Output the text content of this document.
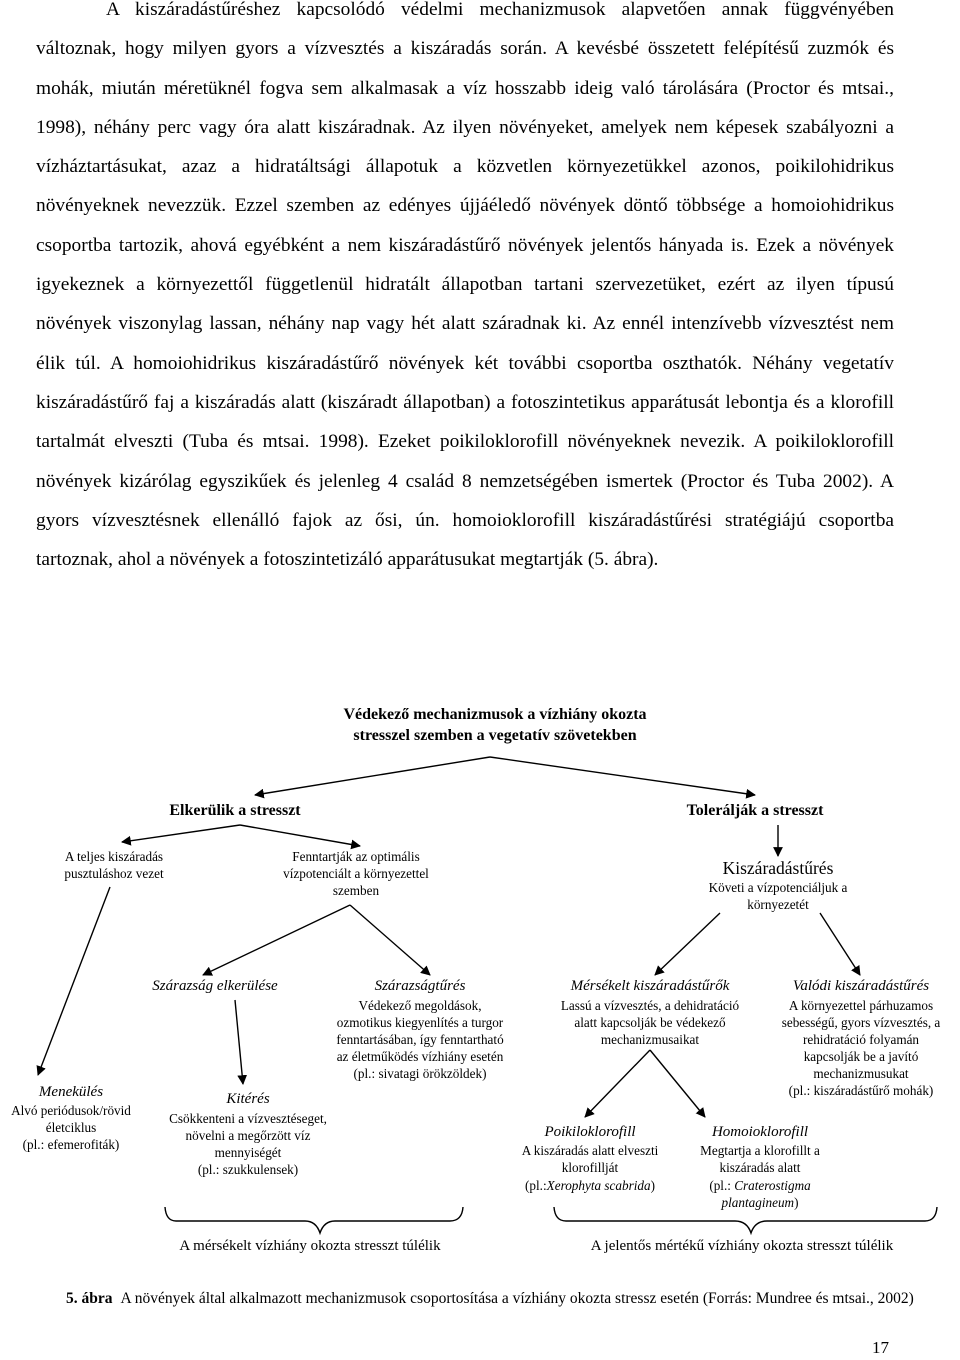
A kiszáradástűréshez kapcsolódó védelmi mechanizmusok alapvetően annak függvényében változnak, hogy milyen gyors a vízvesztés a kiszáradás során. A kevésbé összetett felépítésű zuzmók és mohák, miután méretüknél fogva sem alkalmasak a víz hosszabb ideig való tárolására (Proctor és mtsai., 1998), néhány perc vagy óra alatt kiszáradnak. Az ilyen növényeket, amelyek nem képesek szabályozni a vízháztartásukat, azaz a hidratáltsági állapotuk a közvetlen környezetükkel azonos, poikilohidrikus növényeknek nevezzük. Ezzel szemben az edényes újjáéledő növények döntő többsége a homoiohidrikus csoportba tartozik, ahová egyébként a nem kiszáradástűrő növények jelentős hányada is. Ezek a növények igyekeznek a környezettől függetlenül hidratált állapotban tartani szervezetüket, ezért az ilyen típusú növények viszonylag lassan, néhány nap vagy hét alatt száradnak ki. Az ennél intenzívebb vízvesztést nem élik túl. A homoiohidrikus kiszáradástűrő növények két további csoportba oszthatók. Néhány vegetatív kiszáradástűrő faj a kiszáradás alatt (kiszáradt állapotban) a fotoszintetikus apparátusát lebontja és a klorofill tartalmát elveszti (Tuba és mtsai. 1998). Ezeket poikiloklorofill növényeknek nevezik. A poikiloklorofill növények kizárólag egyszikűek és jelenleg 4 család 8 nemzetségében ismertek (Proctor és Tuba 2002). A gyors vízvesztésnek ellenálló fajok az ősi, ún. homoioklorofill kiszáradástűrési stratégiájú csoportba tartoznak, ahol a növények a fotoszintetizáló apparátusukat megtartják (5. ábra).

Védekező mechanizmusok a vízhiány okozta

stresszel szemben a vegetatív szövetekben

Elkerülik a stresszt	Tolerálják a stresszt

A teljes kiszáradás

pusztuláshoz vezet

Fenntartják az optimális

vízpotenciált a környezettel

szemben

Kiszáradástűrés

Követi a vízpotenciáljuk a

környezetét

Szárazság elkerülése	Szárazságtűrés

Védekező megoldások,

ozmotikus kiegyenlítés a turgor

fenntartásában, így fenntartható

az életműködés vízhiány esetén

(pl.: sivatagi örökzöldek)

Mérsékelt kiszáradástűrők

Lassú a vízvesztés, a dehidratáció

alatt kapcsolják be védekező

mechanizmusaikat

Valódi kiszáradástűrés

A környezettel párhuzamos

sebességű, gyors vízvesztés, a

rehidratáció folyamán

kapcsolják be a javító

mechanizmusukat

(pl.: kiszáradástűrő mohák)

Menekülés

Alvó periódusok/rövid

életciklus

(pl.: efemerofiták)

Kitérés

Csökkenteni a vízvesztéseget,

növelni a megőrzött víz

mennyiségét

(pl.: szukkulensek)

Poikiloklorofill

A kiszáradás alatt elveszti

klorofillját

(pl.:Xerophyta scabrida)

Homoioklorofill

Megtartja a klorofillt a

kiszáradás alatt

(pl.: Craterostigma

plantagineum)

A mérsékelt vízhiány okozta stresszt túlélik	A jelentős mértékű vízhiány okozta stresszt túlélik

5. ábra A növények által alkalmazott mechanizmusok csoportosítása a vízhiány okozta stressz esetén (Forrás: Mundree és mtsai., 2002)

17
